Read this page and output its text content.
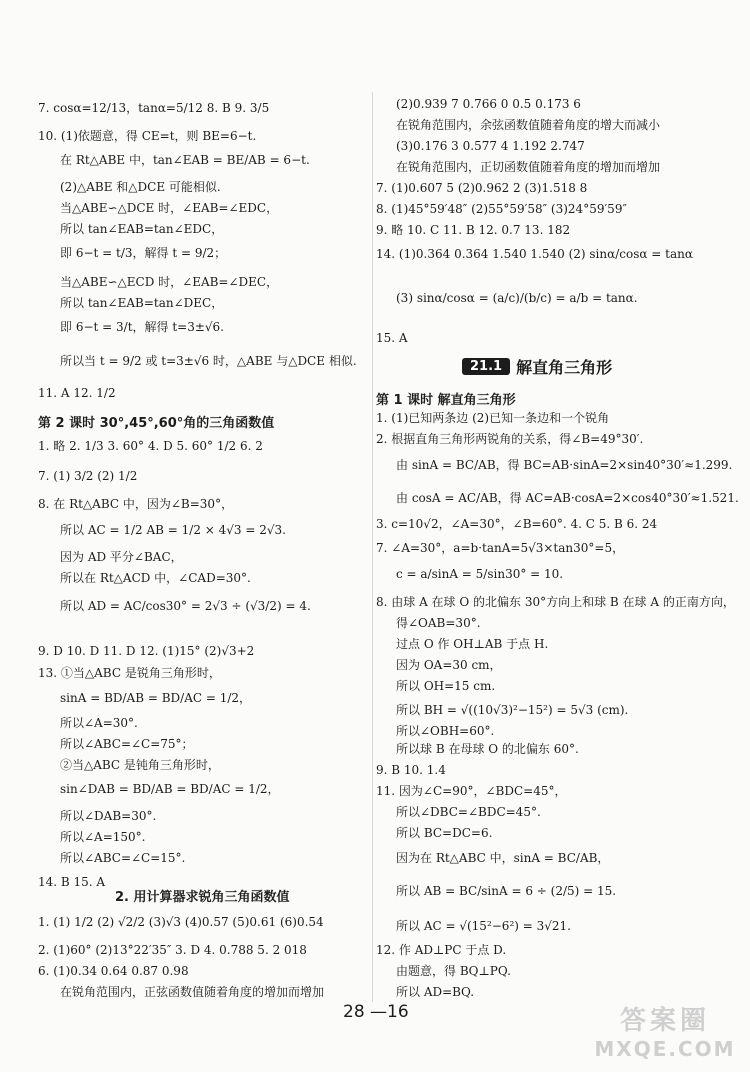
7. cosα=12/13，tanα=5/12 8. B 9. 3/5
10. (1)依题意，得 CE=t，则 BE=6−t.
在 Rt△ABE 中，tan∠EAB = BE/AB = 6−t.
(2)△ABE 和△DCE 可能相似.
当△ABE∽△DCE 时，∠EAB=∠EDC，
所以 tan∠EAB=tan∠EDC，
即 6−t = t/3，解得 t = 9/2；
当△ABE∽△ECD 时，∠EAB=∠DEC，
所以 tan∠EAB=tan∠DEC，
即 6−t = 3/t，解得 t=3±√6.
所以当 t = 9/2 或 t=3±√6 时，△ABE 与△DCE 相似.
11. A 12. 1/2
第 2 课时 30°,45°,60°角的三角函数值
1. 略 2. 1/3 3. 60° 4. D 5. 60° 1/2 6. 2
7. (1) 3/2 (2) 1/2
8. 在 Rt△ABC 中，因为∠B=30°，
所以 AC = 1/2 AB = 1/2 × 4√3 = 2√3.
因为 AD 平分∠BAC，
所以在 Rt△ACD 中，∠CAD=30°.
所以 AD = AC/cos30° = 2√3 ÷ (√3/2) = 4.
9. D 10. D 11. D 12. (1)15° (2)√3+2
13. ①当△ABC 是锐角三角形时，
sinA = BD/AB = BD/AC = 1/2，
所以∠A=30°.
所以∠ABC=∠C=75°；
②当△ABC 是钝角三角形时，
sin∠DAB = BD/AB = BD/AC = 1/2，
所以∠DAB=30°.
所以∠A=150°.
所以∠ABC=∠C=15°.
14. B 15. A
2. 用计算器求锐角三角函数值
1. (1) 1/2 (2) √2/2 (3)√3 (4)0.57 (5)0.61 (6)0.54
2. (1)60° (2)13°22′35″ 3. D 4. 0.788 5. 2 018
6. (1)0.34 0.64 0.87 0.98
在锐角范围内，正弦函数值随着角度的增加而增加
(2)0.939 7 0.766 0 0.5 0.173 6
在锐角范围内，余弦函数值随着角度的增大而减小
(3)0.176 3 0.577 4 1.192 2.747
在锐角范围内，正切函数值随着角度的增加而增加
7. (1)0.607 5 (2)0.962 2 (3)1.518 8
8. (1)45°59′48″ (2)55°59′58″ (3)24°59′59″
9. 略 10. C 11. B 12. 0.7 13. 182
14. (1)0.364 0.364 1.540 1.540 (2) sinα/cosα = tanα
(3) sinα/cosα = (a/c)/(b/c) = a/b = tanα.
15. A
21.1 解直角三角形
第 1 课时 解直角三角形
1. (1)已知两条边 (2)已知一条边和一个锐角
2. 根据直角三角形两锐角的关系，得∠B=49°30′.
由 sinA = BC/AB，得 BC=AB·sinA=2×sin40°30′≈1.299.
由 cosA = AC/AB，得 AC=AB·cosA=2×cos40°30′≈1.521.
3. c=10√2，∠A=30°，∠B=60°. 4. C 5. B 6. 24
7. ∠A=30°，a=b·tanA=5√3×tan30°=5，
c = a/sinA = 5/sin30° = 10.
8. 由球 A 在球 O 的北偏东 30°方向上和球 B 在球 A 的正南方向，
得∠OAB=30°.
过点 O 作 OH⊥AB 于点 H.
因为 OA=30 cm，
所以 OH=15 cm.
所以 BH = √((10√3)²−15²) = 5√3 (cm).
所以∠OBH=60°.
所以球 B 在母球 O 的北偏东 60°.
9. B 10. 1.4
11. 因为∠C=90°，∠BDC=45°，
所以∠DBC=∠BDC=45°.
所以 BC=DC=6.
因为在 Rt△ABC 中，sinA = BC/AB，
所以 AB = BC/sinA = 6 ÷ (2/5) = 15.
所以 AC = √(15²−6²) = 3√21.
12. 作 AD⊥PC 于点 D.
由题意，得 BQ⊥PQ.
所以 AD=BQ.
28 —16	答案圈
MXQE.COM
